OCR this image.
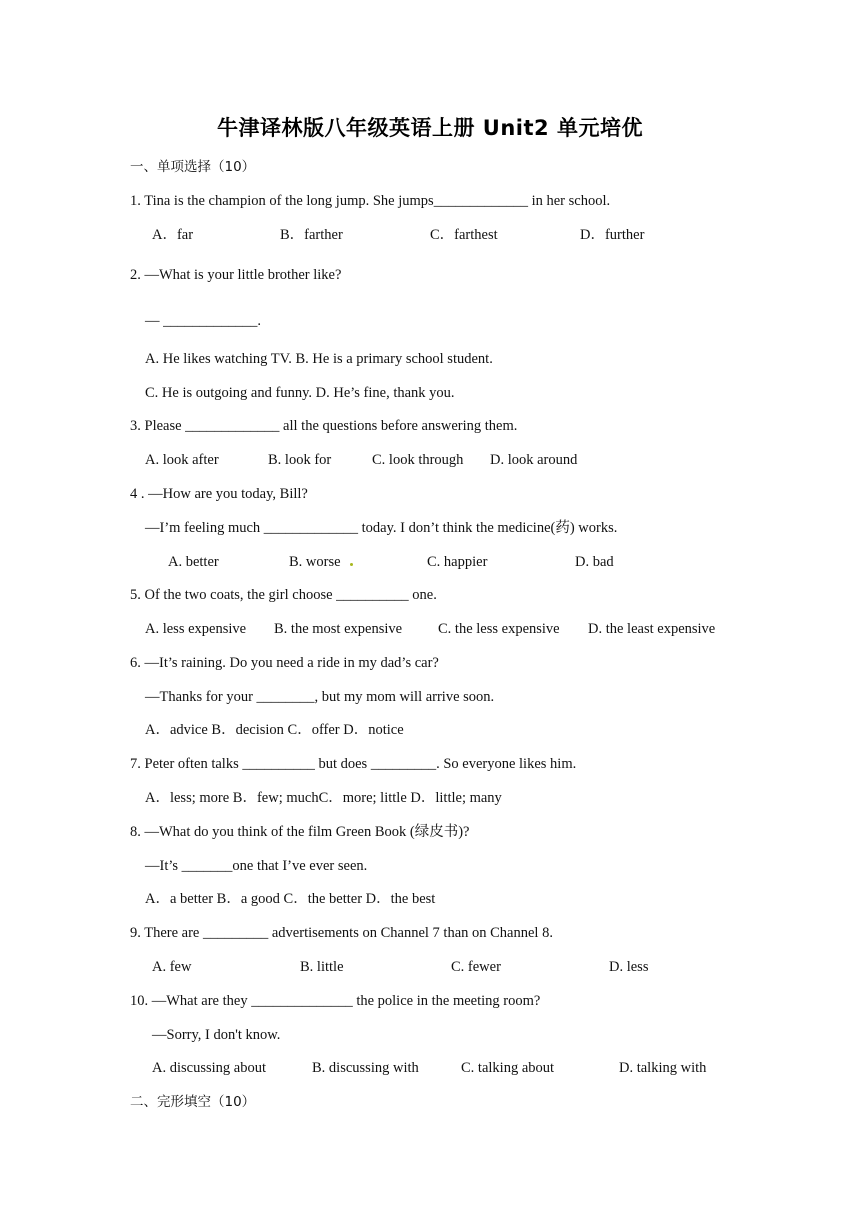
牛津译林版八年级英语上册 Unit2 单元培优
一、单项选择（10）
1. Tina is the champion of the long jump. She jumps_____________ in her school.
A．far	B．farther	C．farthest	D．further
2. —What is your little brother like?
— _____________.
A. He likes watching TV. B. He is a primary school student.
C. He is outgoing and funny. D. He’s fine, thank you.
3. Please _____________ all the questions before answering them.
A. look after	B. look for	C. look through D. look around
4 . —How are you today, Bill?
—I’m feeling much _____________ today. I don’t think the medicine(药) works.
A. better	B. worse	C. happier	D. bad
5. Of the two coats, the girl choose __________ one.
A. less expensive B. the most expensive C. the less expensive D. the least expensive
6. —It’s raining. Do you need a ride in my dad’s car?
—Thanks for your ________, but my mom will arrive soon.
A．advice B．decision C．offer D．notice
7. Peter often talks __________ but does _________. So everyone likes him.
A．less; more B．few; muchC．more; little D．little; many
8. —What do you think of the film Green Book (绿皮书)?
—It’s _______one that I’ve ever seen.
A．a better B．a good C．the better D．the best
9. There are _________ advertisements on Channel 7 than on Channel 8.
A. few	B. little	C. fewer	D. less
10. —What are they ______________ the police in the meeting room?
—Sorry, I don't know.
A. discussing about	B. discussing with	C. talking about	D. talking with
二、完形填空（10）
